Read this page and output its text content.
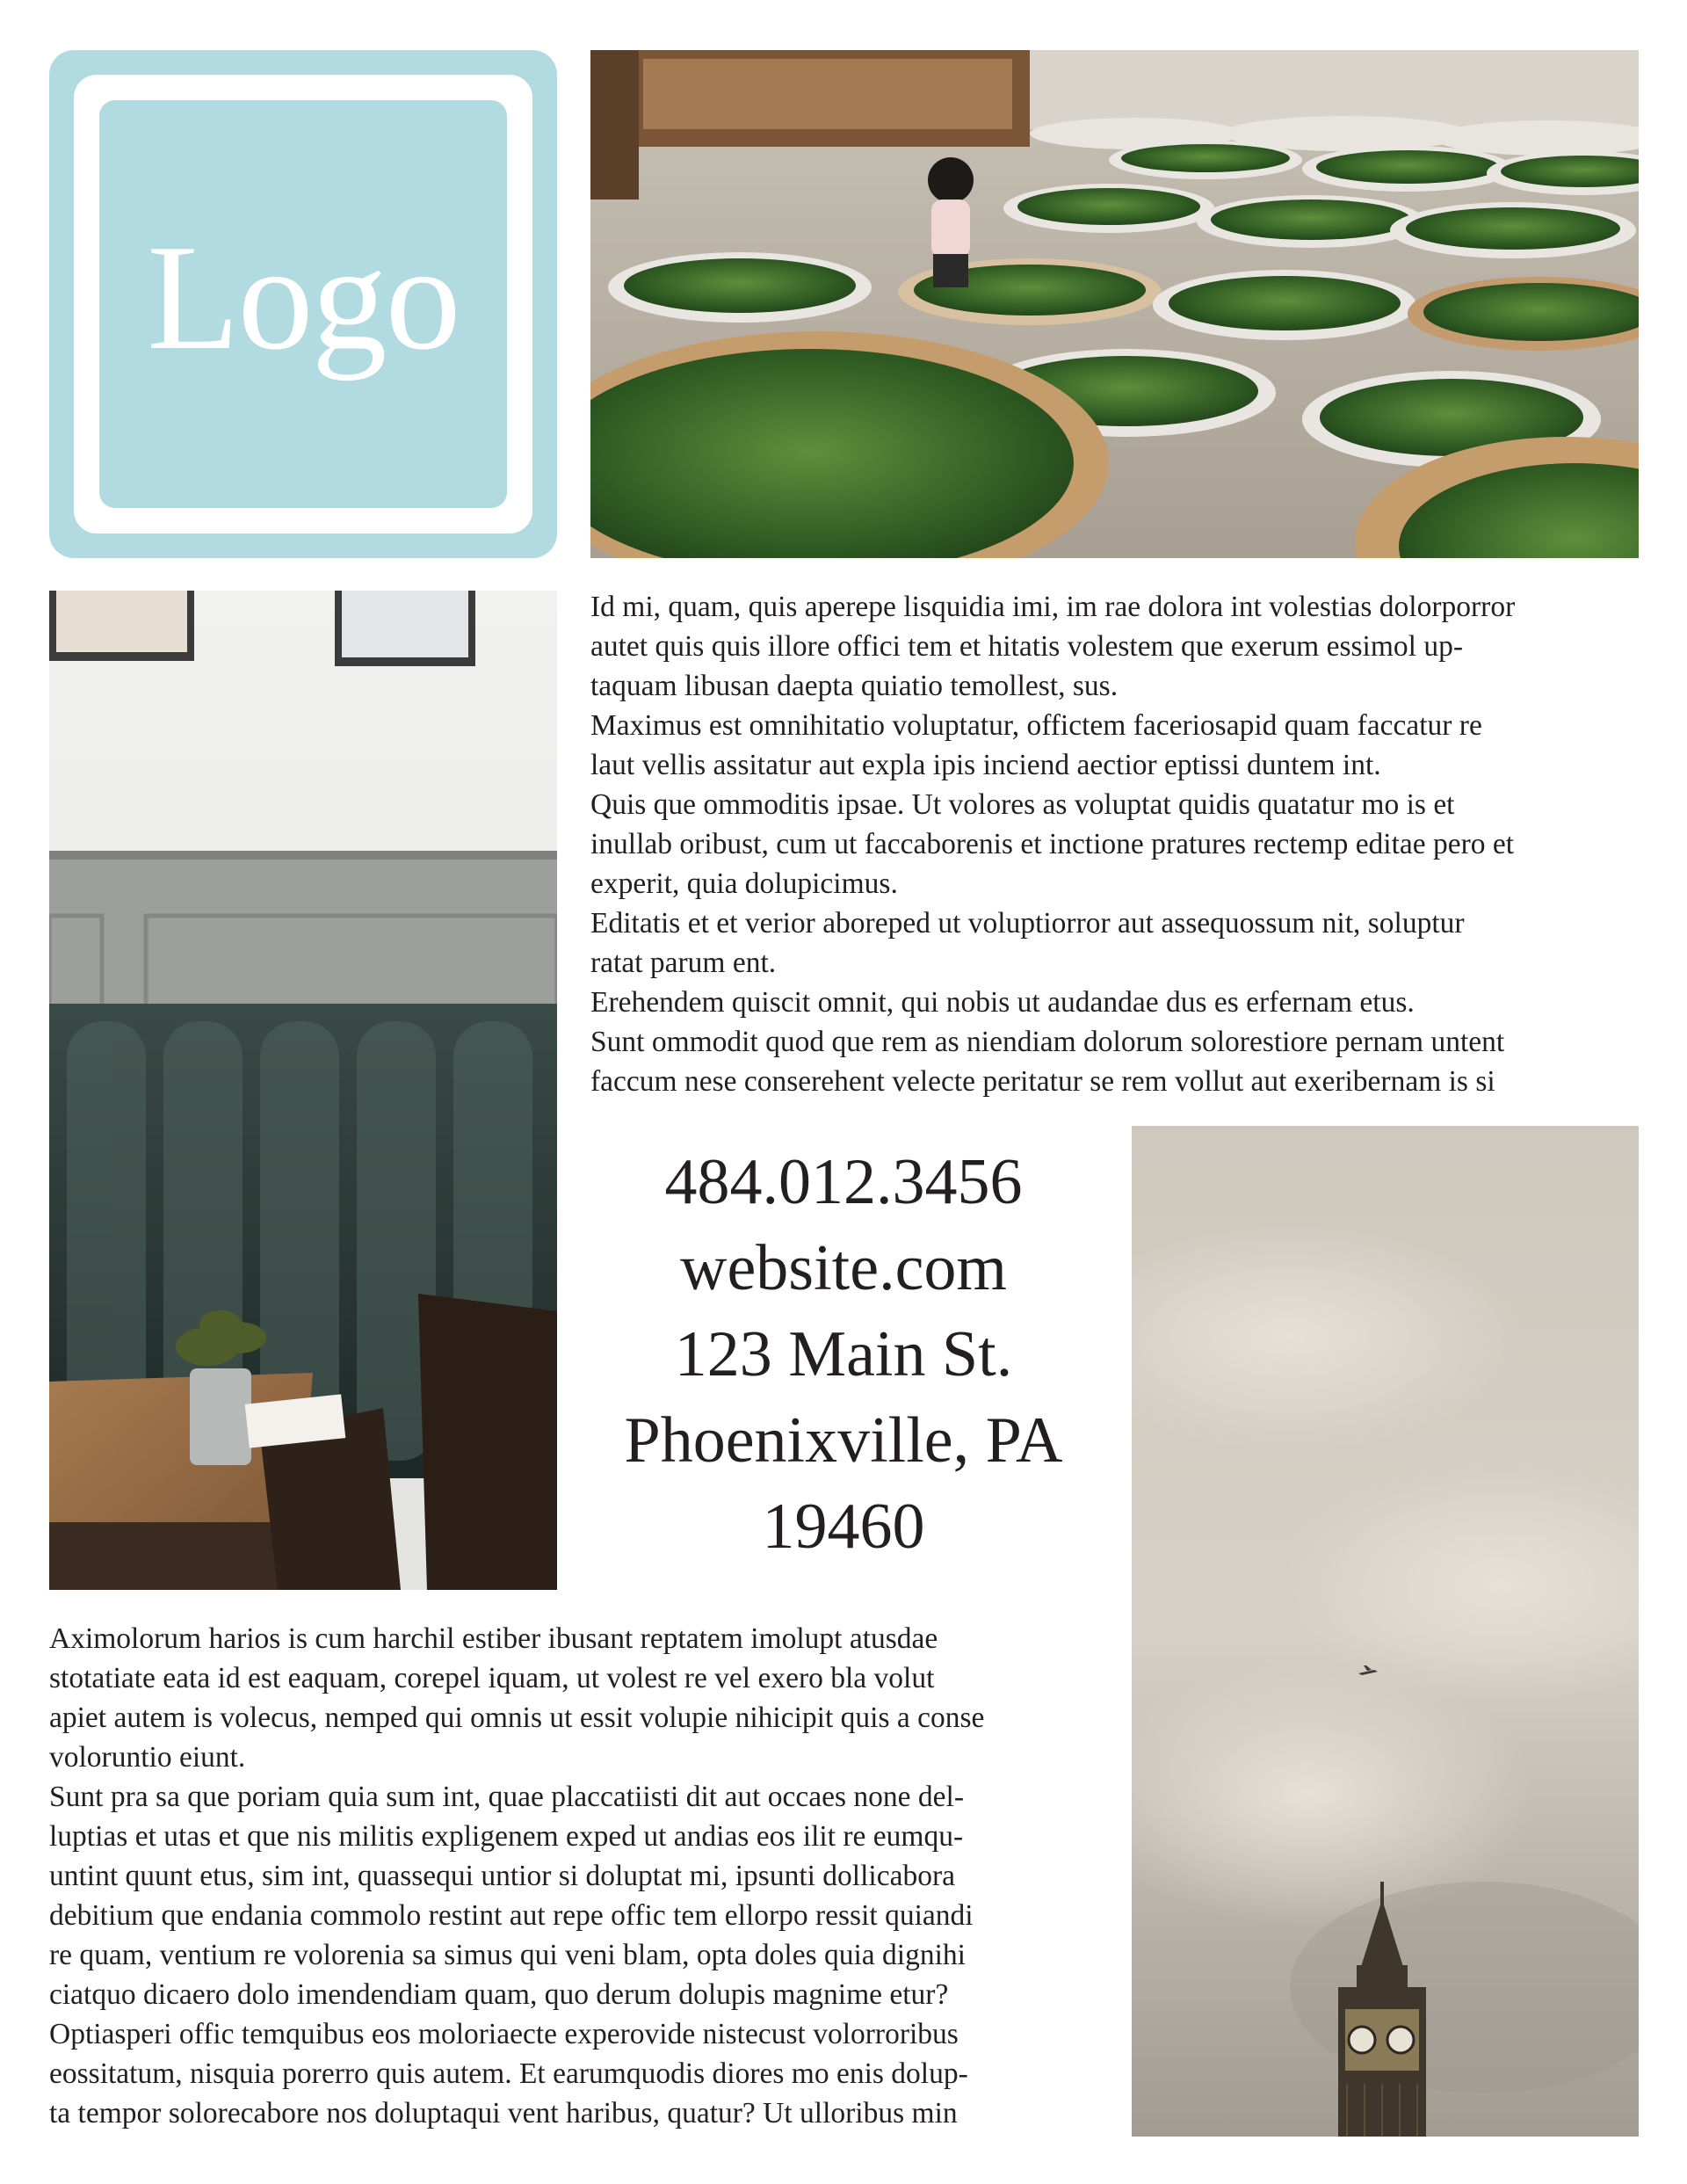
Logo

Id mi, quam, quis aperepe lisquidia imi, im rae dolora int volestias dolorporror
autet quis quis illore offici tem et hitatis volestem que exerum essimol up-
taquam libusan daepta quiatio temollest, sus.

Maximus est omnihitatio voluptatur, offictem faceriosapid quam faccatur re
laut vellis assitatur aut expla ipis inciend aectior eptissi duntem int.

Quis que ommoditis ipsae. Ut volores as voluptat quidis quatatur mo is et
inullab oribust, cum ut faccaborenis et inctione pratures rectemp editae pero et
experit, quia dolupicimus.

Editatis et et verior aboreped ut voluptiorror aut assequossum nit, soluptur
ratat parum ent.

Erehendem quiscit omnit, qui nobis ut audandae dus es erfernam etus.

Sunt ommodit quod que rem as niendiam dolorum solorestiore pernam untent
faccum nese conserehent velecte peritatur se rem vollut aut exeribernam is si

484.012.3456
website.com
123 Main St.
Phoenixville, PA
19460

Aximolorum harios is cum harchil estiber ibusant reptatem imolupt atusdae
stotatiate eata id est eaquam, corepel iquam, ut volest re vel exero bla volut
apiet autem is volecus, nemped qui omnis ut essit volupie nihicipit quis a conse
voloruntio eiunt.

Sunt pra sa que poriam quia sum int, quae placcatiisti dit aut occaes none del-
luptias et utas et que nis militis expligenem exped ut andias eos ilit re eumqu-
untint quunt etus, sim int, quassequi untior si doluptat mi, ipsunti dollicabora
debitium que endania commolo restint aut repe offic tem ellorpo ressit quiandi
re quam, ventium re volorenia sa simus qui veni blam, opta doles quia dignihi
ciatquo dicaero dolo imendendiam quam, quo derum dolupis magnime etur?
Optiasperi offic temquibus eos moloriaecte experovide nistecust volorroribus
eossitatum, nisquia porerro quis autem. Et earumquodis diores mo enis dolup-
ta tempor solorecabore nos doluptaqui vent haribus, quatur? Ut ulloribus min
